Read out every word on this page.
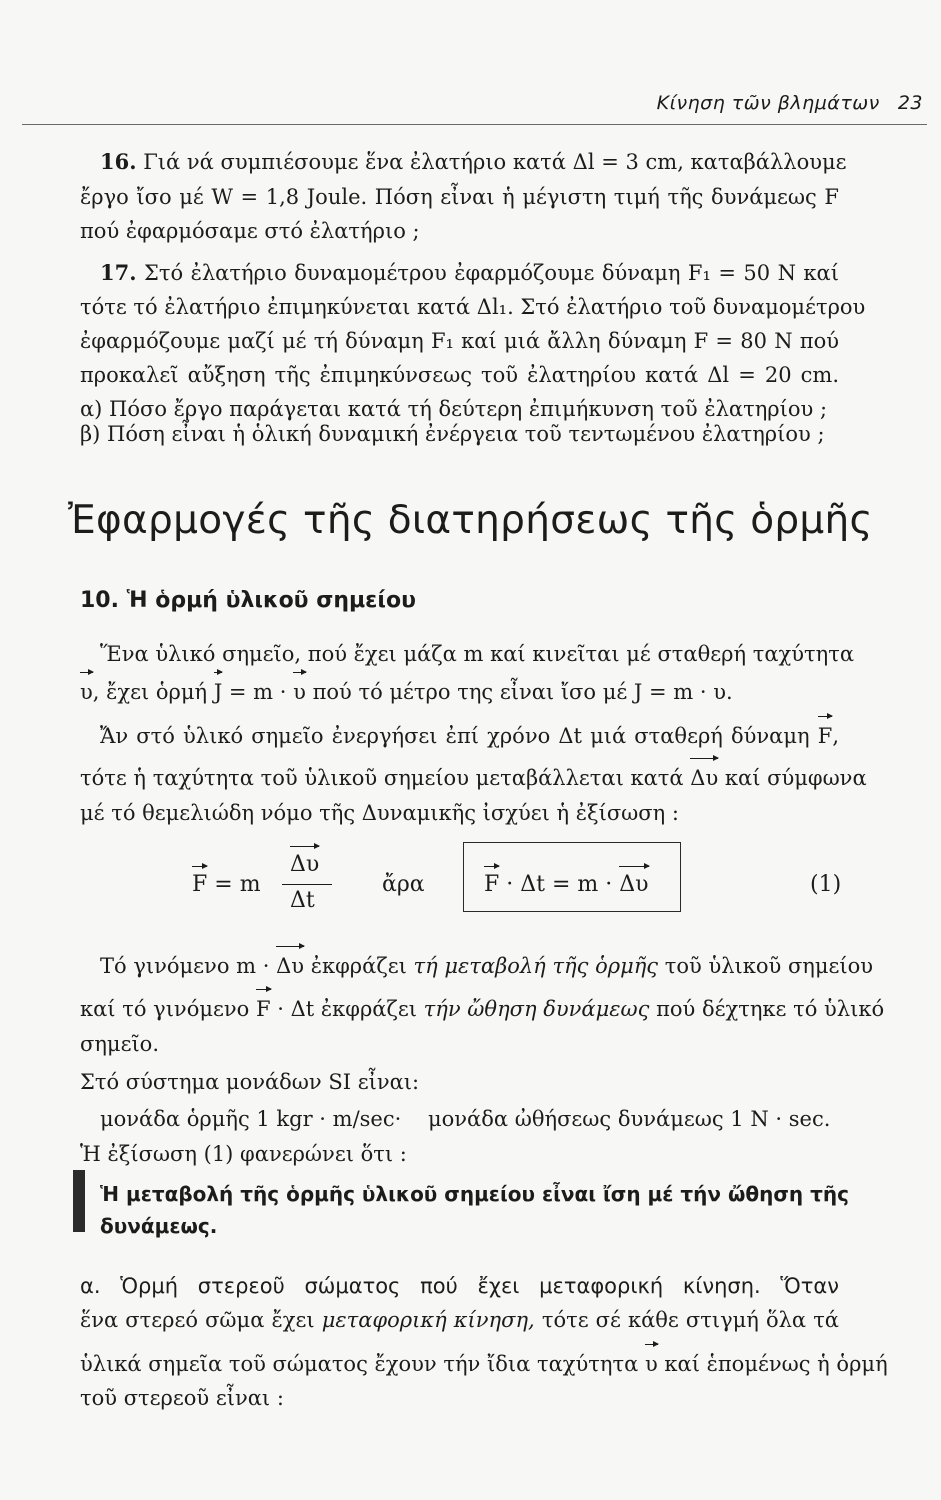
Κίνηση τῶν βλημάτων 23
16. Γιά νά συμπιέσουμε ἕνα ἐλατήριο κατά Δl = 3 cm, καταβάλλουμε
ἔργο ἴσο μέ W = 1,8 Joule. Πόση εἶναι ἡ μέγιστη τιμή τῆς δυνάμεως F
πού ἐφαρμόσαμε στό ἐλατήριο ;
17. Στό ἐλατήριο δυναμομέτρου ἐφαρμόζουμε δύναμη F₁ = 50 N καί
τότε τό ἐλατήριο ἐπιμηκύνεται κατά Δl₁. Στό ἐλατήριο τοῦ δυναμομέτρου
ἐφαρμόζουμε μαζί μέ τή δύναμη F₁ καί μιά ἄλλη δύναμη F = 80 N πού
προκαλεῖ αὔξηση τῆς ἐπιμηκύνσεως τοῦ ἐλατηρίου κατά Δl = 20 cm.
α) Πόσο ἔργο παράγεται κατά τή δεύτερη ἐπιμήκυνση τοῦ ἐλατηρίου ;
β) Πόση εἶναι ἡ ὁλική δυναμική ἐνέργεια τοῦ τεντωμένου ἐλατηρίου ;
Ἐφαρμογές τῆς διατηρήσεως τῆς ὁρμῆς
10. Ἡ ὁρμή ὑλικοῦ σημείου
Ἕνα ὑλικό σημεῖο, πού ἔχει μάζα m καί κινεῖται μέ σταθερή ταχύτητα
υ, ἔχει ὁρμή J = m · υ πού τό μέτρο της εἶναι ἴσο μέ J = m · υ.
Ἄν στό ὑλικό σημεῖο ἐνεργήσει ἐπί χρόνο Δt μιά σταθερή δύναμη F,
τότε ἡ ταχύτητα τοῦ ὑλικοῦ σημείου μεταβάλλεται κατά Δυ καί σύμφωνα
μέ τό θεμελιώδη νόμο τῆς Δυναμικῆς ἰσχύει ἡ ἐξίσωση :
F = m
Δυ
Δt
ἄρα	F · Δt = m · Δυ	(1)
Τό γινόμενο m · Δυ ἐκφράζει τή μεταβολή τῆς ὁρμῆς τοῦ ὑλικοῦ σημείου
καί τό γινόμενο F · Δt ἐκφράζει τήν ὤθηση δυνάμεως πού δέχτηκε τό ὑλικό
σημεῖο.
Στό σύστημα μονάδων SI εἶναι:
μονάδα ὁρμῆς 1 kgr · m/sec· μονάδα ὠθήσεως δυνάμεως 1 N · sec.
Ἡ ἐξίσωση (1) φανερώνει ὅτι :
Ἡ μεταβολή τῆς ὁρμῆς ὑλικοῦ σημείου εἶναι ἴση μέ τήν ὤθηση τῆς
δυνάμεως.
α. Ὁρμή στερεοῦ σώματος πού ἔχει μεταφορική κίνηση. Ὅταν
ἕνα στερεό σῶμα ἔχει μεταφορική κίνηση, τότε σέ κάθε στιγμή ὅλα τά
ὑλικά σημεῖα τοῦ σώματος ἔχουν τήν ἴδια ταχύτητα υ καί ἑπομένως ἡ ὁρμή
τοῦ στερεοῦ εἶναι :
